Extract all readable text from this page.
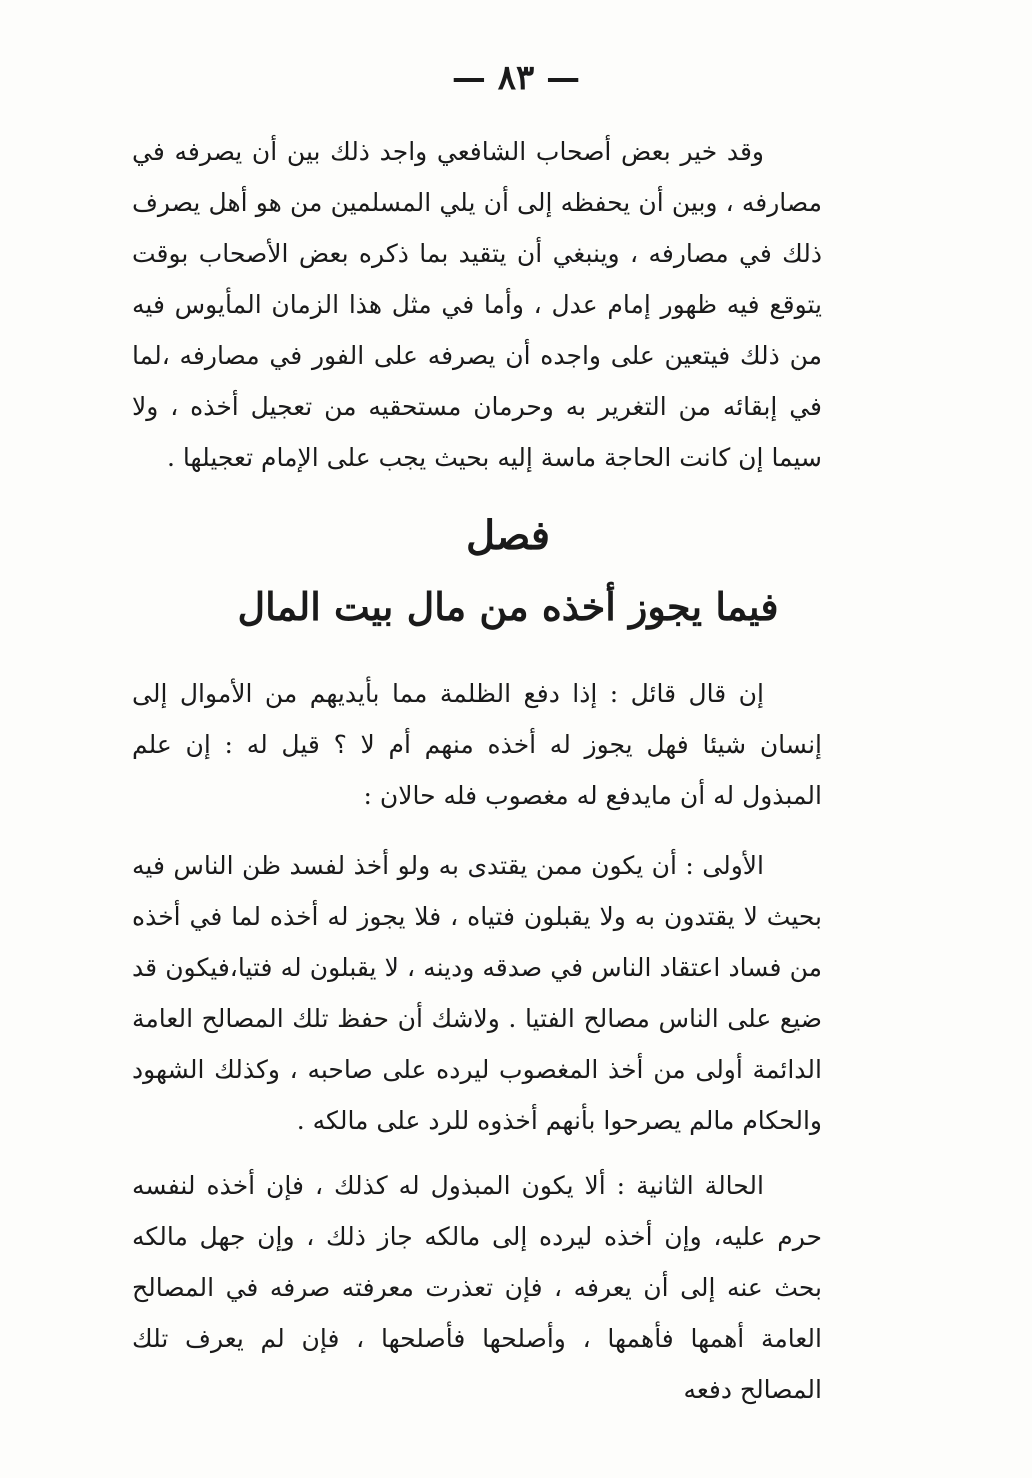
— ٨٣ —

وقد خير بعض أصحاب الشافعي واجد ذلك بين أن يصرفه في مصارفه ، وبين أن يحفظه إلى أن يلي المسلمين من هو أهل يصرف ذلك في مصارفه ، وينبغي أن يتقيد بما ذكره بعض الأصحاب بوقت يتوقع فيه ظهور إمام عدل ، وأما في مثل هذا الزمان المأيوس فيه من ذلك فيتعين على واجده أن يصرفه على الفور في مصارفه ،لما في إبقائه من التغرير به وحرمان مستحقيه من تعجيل أخذه ، ولا سيما إن كانت الحاجة ماسة إليه بحيث يجب على الإمام تعجيلها .

فصل
فيما يجوز أخذه من مال بيت المال

إن قال قائل : إذا دفع الظلمة مما بأيديهم من الأموال إلى إنسان شيئا فهل يجوز له أخذه منهم أم لا ؟ قيل له : إن علم المبذول له أن مايدفع له مغصوب فله حالان :

الأولى : أن يكون ممن يقتدى به ولو أخذ لفسد ظن الناس فيه بحيث لا يقتدون به ولا يقبلون فتياه ، فلا يجوز له أخذه لما في أخذه من فساد اعتقاد الناس في صدقه ودينه ، لا يقبلون له فتيا،فيكون قد ضيع على الناس مصالح الفتيا . ولاشك أن حفظ تلك المصالح العامة الدائمة أولى من أخذ المغصوب ليرده على صاحبه ، وكذلك الشهود والحكام مالم يصرحوا بأنهم أخذوه للرد على مالكه .

الحالة الثانية : ألا يكون المبذول له كذلك ، فإن أخذه لنفسه حرم عليه، وإن أخذه ليرده إلى مالكه جاز ذلك ، وإن جهل مالكه بحث عنه إلى أن يعرفه ، فإن تعذرت معرفته صرفه في المصالح العامة أهمها فأهمها ، وأصلحها فأصلحها ، فإن لم يعرف تلك المصالح دفعه
